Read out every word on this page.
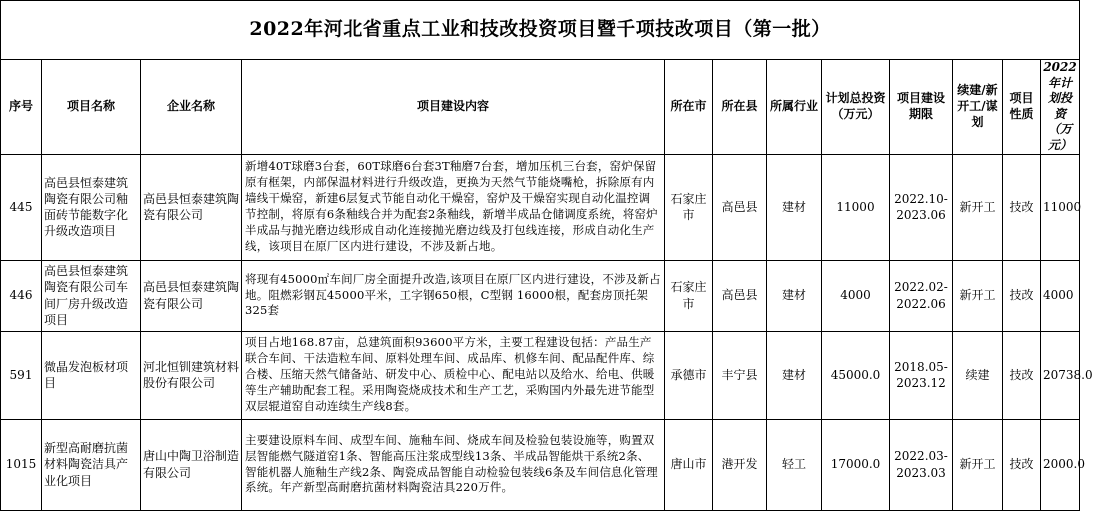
2022年河北省重点工业和技改投资项目暨千项技改项目（第一批）											
序号	项目名称	企业名称	项目建设内容	所在市	所在县	所属行业	计划总投资（万元）	项目建设期限	续建/新开工/谋划	项目性质	2022年计划投资（万元）
445	高邑县恒泰建筑陶瓷有限公司釉面砖节能数字化升级改造项目	高邑县恒泰建筑陶瓷有限公司	新增40T球磨3台套，60T球磨6台套3T釉磨7台套，增加压机三台套，窑炉保留原有框架，内部保温材料进行升级改造，更换为天然气节能烧嘴枪，拆除原有内墙线干燥窑，新建6层复式节能自动化干燥窑，窑炉及干燥窑实现自动化温控调节控制，将原有6条釉线合并为配套2条釉线，新增半成品仓储调度系统，将窑炉半成品与抛光磨边线形成自动化连接抛光磨边线及打包线连接，形成自动化生产线，该项目在原厂区内进行建设，不涉及新占地。	石家庄市	高邑县	建材	11000	2022.10-2023.06	新开工	技改	11000
446	高邑县恒泰建筑陶瓷有限公司车间厂房升级改造项目	高邑县恒泰建筑陶瓷有限公司	将现有45000㎡车间厂房全面提升改造,该项目在原厂区内进行建设，不涉及新占地。阻燃彩钢瓦45000平米，工字钢650根，C型钢 16000根，配套房顶托架325套	石家庄市	高邑县	建材	4000	2022.02-2022.06	新开工	技改	4000
591	微晶发泡板材项目	河北恒钏建筑材料股份有限公司	项目占地168.87亩，总建筑面积93600平方米，主要工程建设包括：产品生产联合车间、干法造粒车间、原料处理车间、成品库、机修车间、配品配件库、综合楼、压缩天然气储备站、研发中心、质检中心、配电站以及给水、给电、供暖等生产辅助配套工程。采用陶瓷烧成技术和生产工艺，采购国内外最先进节能型双层辊道窑自动连续生产线8套。	承德市	丰宁县	建材	45000.0	2018.05-2023.12	续建	技改	20738.0
1015	新型高耐磨抗菌材料陶瓷洁具产业化项目	唐山中陶卫浴制造有限公司	主要建设原料车间、成型车间、施釉车间、烧成车间及检验包装设施等，购置双层智能燃气隧道窑1条、智能高压注浆成型线13条、半成品智能烘干系统2条、智能机器人施釉生产线2条、陶瓷成品智能自动检验包装线6条及车间信息化管理系统。年产新型高耐磨抗菌材料陶瓷洁具220万件。	唐山市	港开发	轻工	17000.0	2022.03-2023.03	新开工	技改	2000.0
